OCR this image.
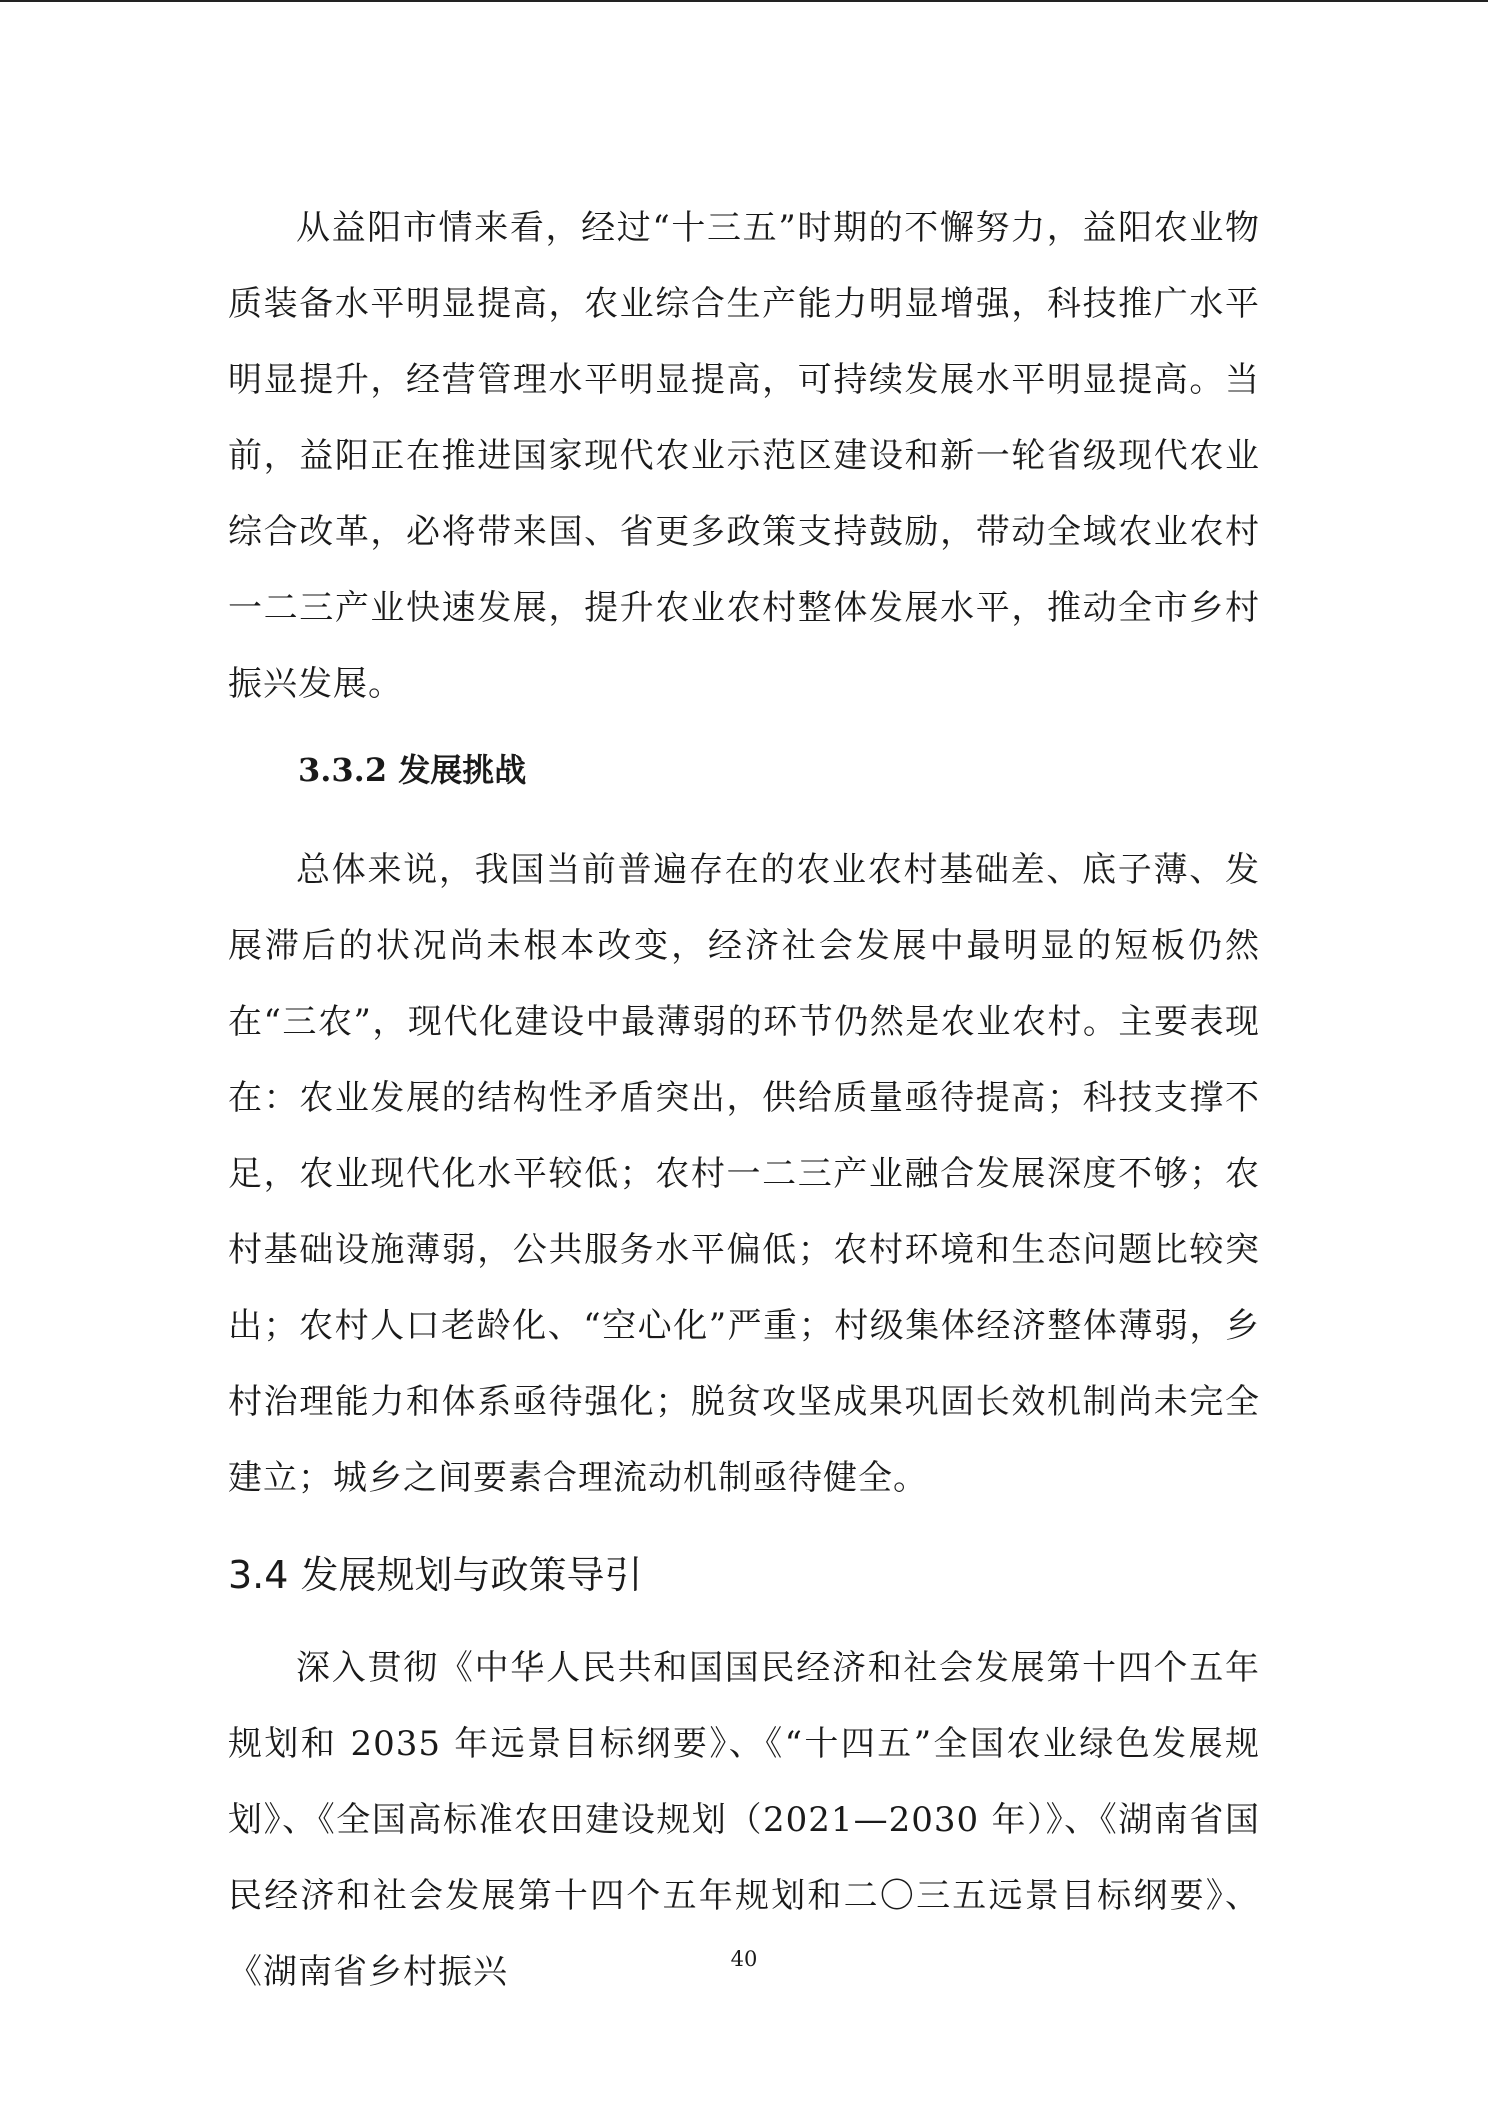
从益阳市情来看，经过“十三五”时期的不懈努力，益阳农业物质装备水平明显提高，农业综合生产能力明显增强，科技推广水平明显提升，经营管理水平明显提高，可持续发展水平明显提高。当前，益阳正在推进国家现代农业示范区建设和新一轮省级现代农业综合改革，必将带来国、省更多政策支持鼓励，带动全域农业农村一二三产业快速发展，提升农业农村整体发展水平，推动全市乡村振兴发展。

3.3.2 发展挑战

总体来说，我国当前普遍存在的农业农村基础差、底子薄、发展滞后的状况尚未根本改变，经济社会发展中最明显的短板仍然在“三农”，现代化建设中最薄弱的环节仍然是农业农村。主要表现在：农业发展的结构性矛盾突出，供给质量亟待提高；科技支撑不足，农业现代化水平较低；农村一二三产业融合发展深度不够；农村基础设施薄弱，公共服务水平偏低；农村环境和生态问题比较突出；农村人口老龄化、“空心化”严重；村级集体经济整体薄弱，乡村治理能力和体系亟待强化；脱贫攻坚成果巩固长效机制尚未完全建立；城乡之间要素合理流动机制亟待健全。

3.4 发展规划与政策导引

深入贯彻《中华人民共和国国民经济和社会发展第十四个五年规划和 2035 年远景目标纲要》、《“十四五”全国农业绿色发展规划》、《全国高标准农田建设规划（2021—2030 年）》、《湖南省国民经济和社会发展第十四个五年规划和二〇三五远景目标纲要》、《湖南省乡村振兴	40
